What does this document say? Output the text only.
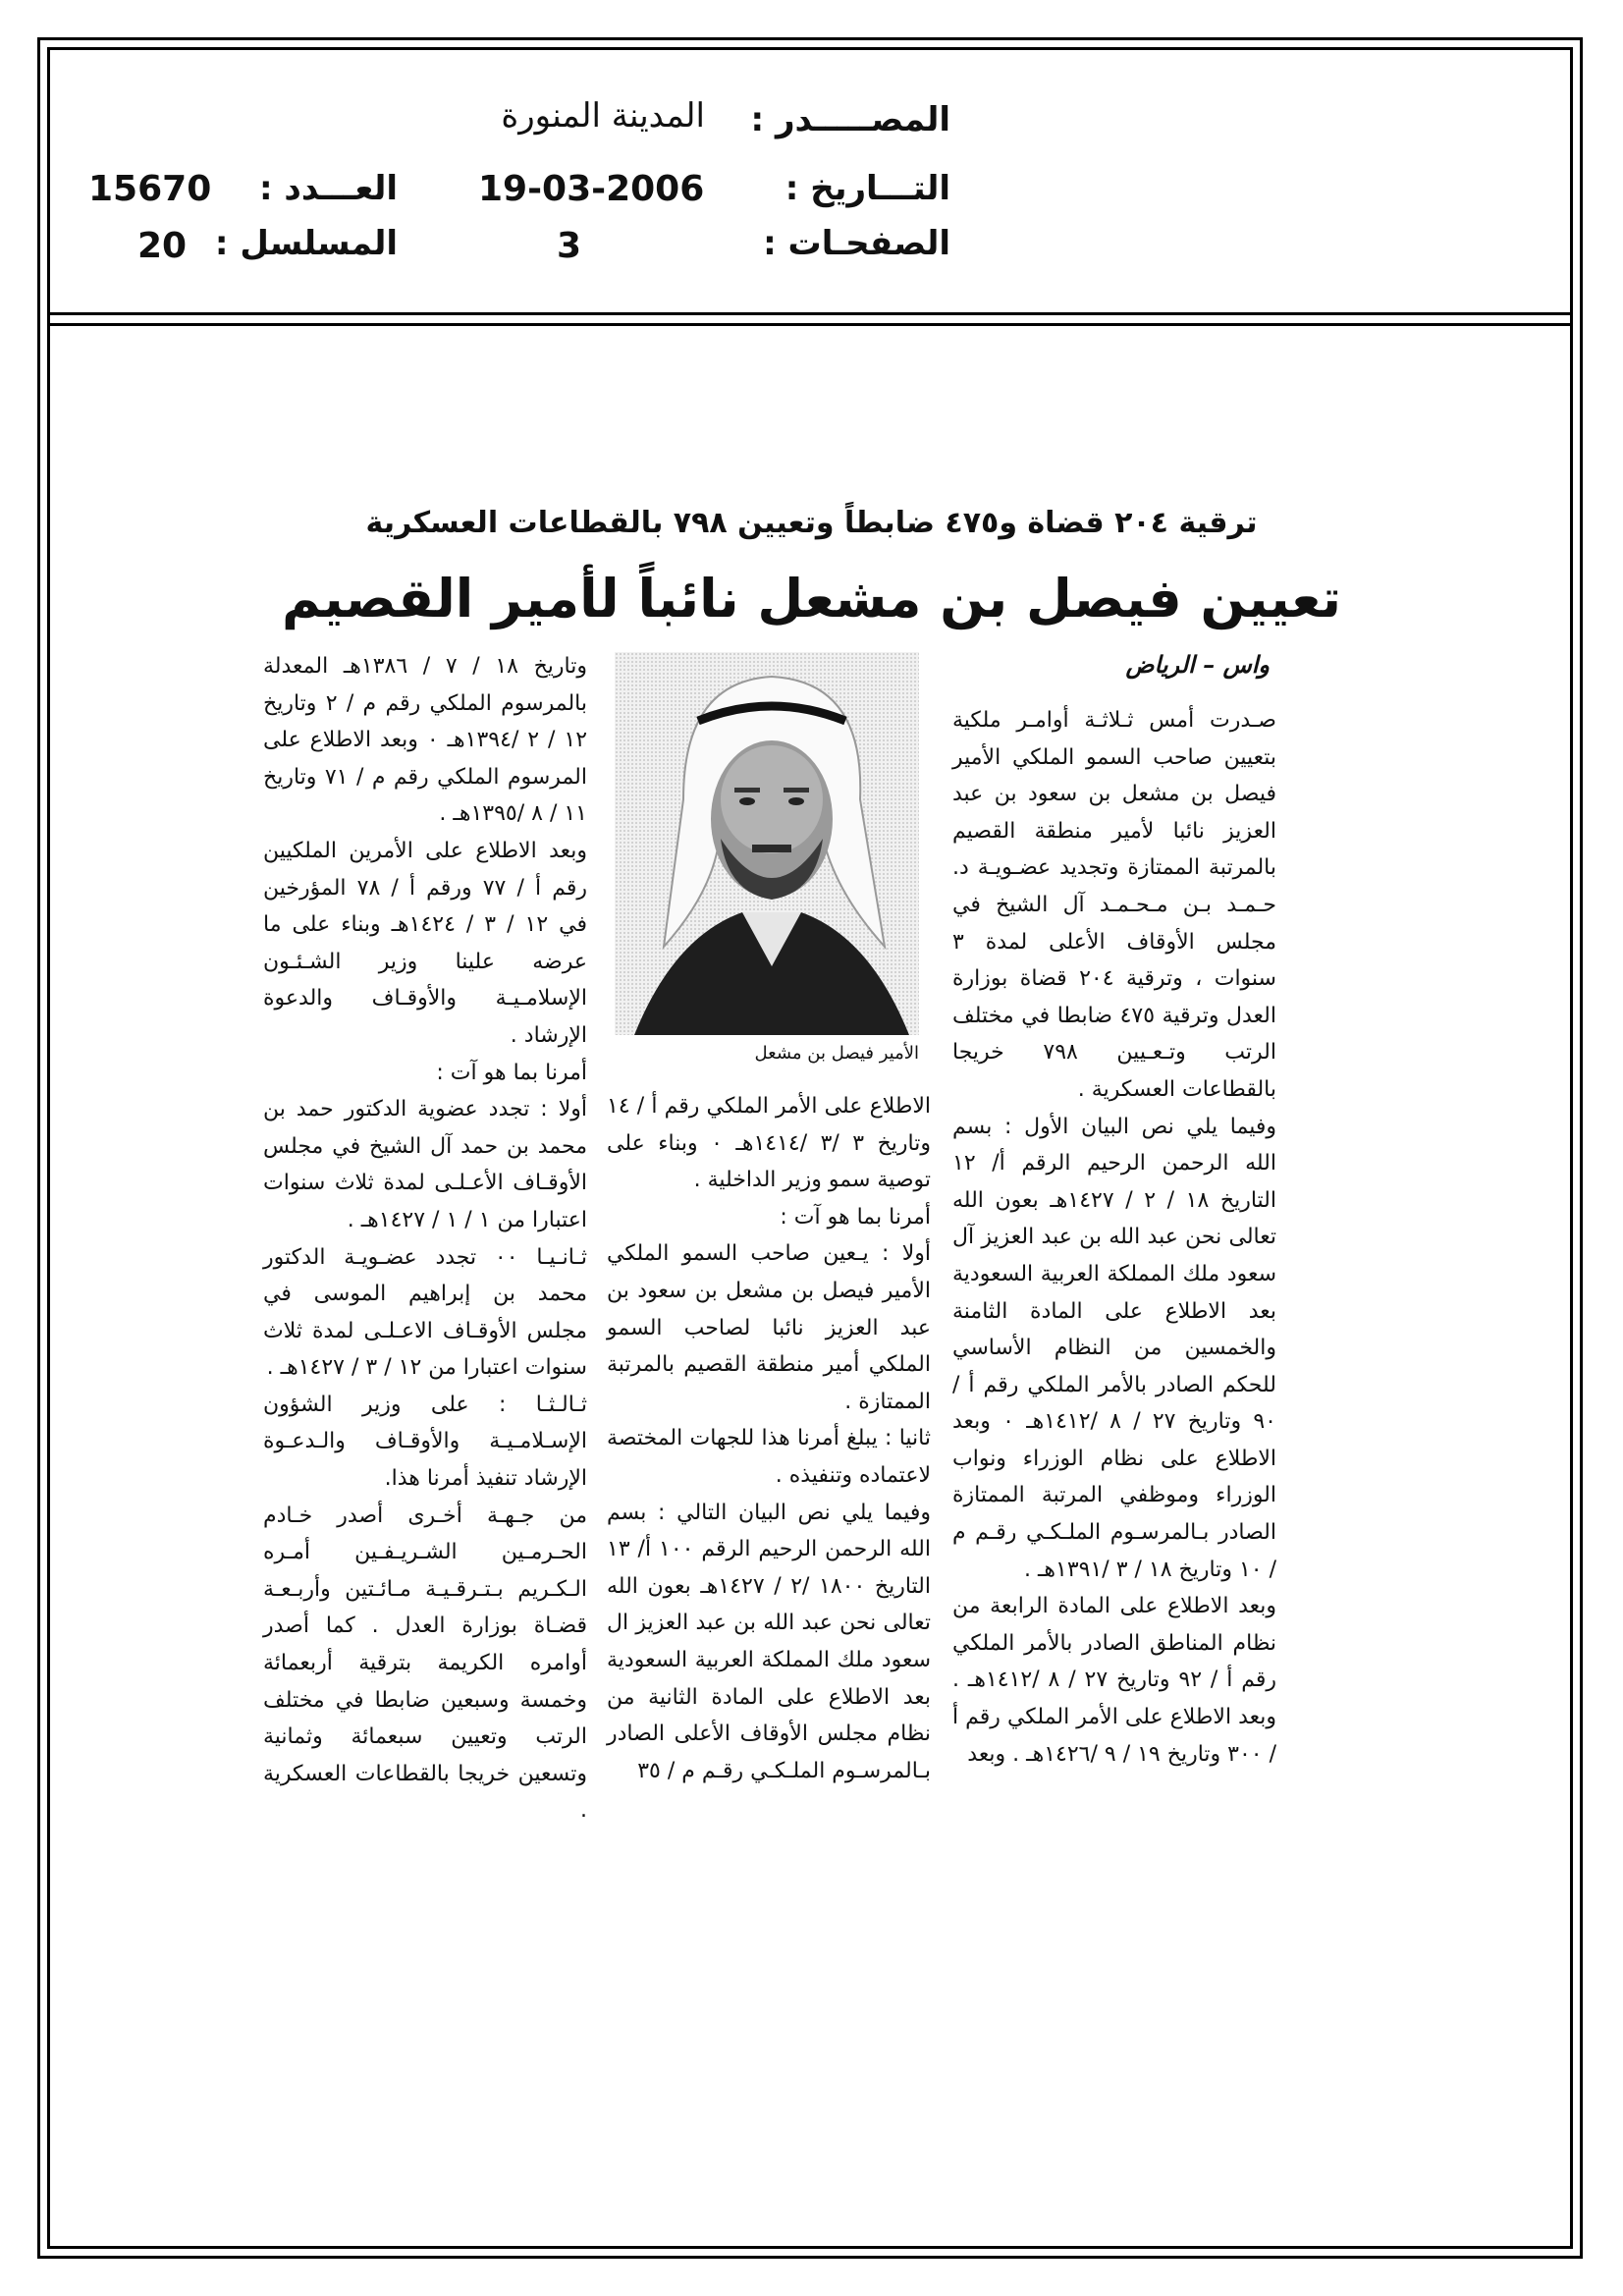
المصـــــدر :
المدينة المنورة
التـــاريخ :
19-03-2006
العـــدد :
15670
الصفحـات :
3
المسلسل :
20
ترقية ٢٠٤ قضاة و٤٧٥ ضابطاً وتعيين ٧٩٨ بالقطاعات العسكرية
تعيين فيصل بن مشعل نائباً لأمير القصيم
واس – الرياض
الأمير فيصل بن مشعل

صـدرت أمس ثـلاثـة أوامـر ملكية بتعيين صاحب السمو الملكي الأمير فيصل بن مشعل بن سعود بن عبد العزيز نائبا لأمير منطقة القصيم بالمرتبة الممتازة وتجديد عضـويـة د. حـمـد بـن مـحـمـد آل الشيخ في مجلس الأوقاف الأعلى لمدة ٣ سنوات ، وترقية ٢٠٤ قضاة بوزارة العدل وترقية ٤٧٥ ضابطا في مختلف الرتب وتـعـيين ٧٩٨ خريجا بالقطاعات العسكرية .

وفيما يلي نص البيان الأول : بسم الله الرحمن الرحيم الرقم أ/ ١٢ التاريخ ١٨ / ٢ / ١٤٢٧هـ بعون الله تعالى نحن عبد الله بن عبد العزيز آل سعود ملك المملكة العربية السعودية بعد الاطلاع على المادة الثامنة والخمسين من النظام الأساسي للحكم الصادر بالأمر الملكي رقم أ / ٩٠ وتاريخ ٢٧ / ٨ /١٤١٢هـ ٠ وبعد الاطلاع على نظام الوزراء ونواب الوزراء وموظفي المرتبة الممتازة الصادر بـالمرسـوم الملـكـي رقـم م / ١٠ وتاريخ ١٨ / ٣ /١٣٩١هـ .

وبعد الاطلاع على المادة الرابعة من نظام المناطق الصادر بالأمر الملكي رقم أ / ٩٢ وتاريخ ٢٧ / ٨ /١٤١٢هـ . وبعد الاطلاع على الأمر الملكي رقم أ / ٣٠٠ وتاريخ ١٩ / ٩ /١٤٢٦هـ . وبعد

الاطلاع على الأمر الملكي رقم أ / ١٤ وتاريخ ٣ /٣ /١٤١٤هـ ٠ وبناء على توصية سمو وزير الداخلية .

أمرنا بما هو آت :

أولا : يـعين صاحب السمو الملكي الأمير فيصل بن مشعل بن سعود بن عبد العزيز نائبا لصاحب السمو الملكي أمير منطقة القصيم بالمرتبة الممتازة .

ثانيا : يبلغ أمرنا هذا للجهات المختصة لاعتماده وتنفيذه .

وفيما يلي نص البيان التالي : بسم الله الرحمن الرحيم الرقم ١٠٠ أ/ ١٣ التاريخ ١٨٠٠ /٢ / ١٤٢٧هـ بعون الله تعالى نحن عبد الله بن عبد العزيز ال سعود ملك المملكة العربية السعودية بعد الاطلاع على المادة الثانية من نظام مجلس الأوقاف الأعلى الصادر بـالمرسـوم الملـكـي رقـم م / ٣٥

وتاريخ ١٨ / ٧ / ١٣٨٦هـ المعدلة بالمرسوم الملكي رقم م / ٢ وتاريخ ١٢ / ٢ /١٣٩٤هـ ٠ وبعد الاطلاع على المرسوم الملكي رقم م / ٧١ وتاريخ ١١ / ٨ /١٣٩٥هـ .

وبعد الاطلاع على الأمرين الملكيين رقم أ / ٧٧ ورقم أ / ٧٨ المؤرخين في ١٢ / ٣ / ١٤٢٤هـ وبناء على ما عرضه علينا وزير الشـئـون الإسلامـيـة والأوقـاف والدعوة الإرشاد .

أمرنا بما هو آت :

أولا : تجدد عضوية الدكتور حمد بن محمد بن حمد آل الشيخ في مجلس الأوقـاف الأعـلـى لمدة ثلاث سنوات اعتبارا من ١ / ١ / ١٤٢٧هـ .

ثـانـيـا ٠٠ تجدد عضـويـة الدكتور محمد بن إبراهيم الموسى في مجلس الأوقـاف الاعـلـى لمدة ثلاث سنوات اعتبارا من ١٢ / ٣ / ١٤٢٧هـ .

ثـالـثـا : على وزير الشؤون الإسـلامـيـة والأوقـاف والـدعـوة الإرشاد تنفيذ أمرنا هذا.

من جـهـة أخـرى أصدر خـادم الحـرمـين الشـريـفـين أمـره الـكـريم بـتـرقـيـة مـائـتين وأربـعـة قضـاة بوزارة العدل . كما أصدر أوامره الكريمة بترقية أربعمائة وخمسة وسبعين ضابطا في مختلف الرتب وتعيين سبعمائة وثمانية وتسعين خريجا بالقطاعات العسكرية .
